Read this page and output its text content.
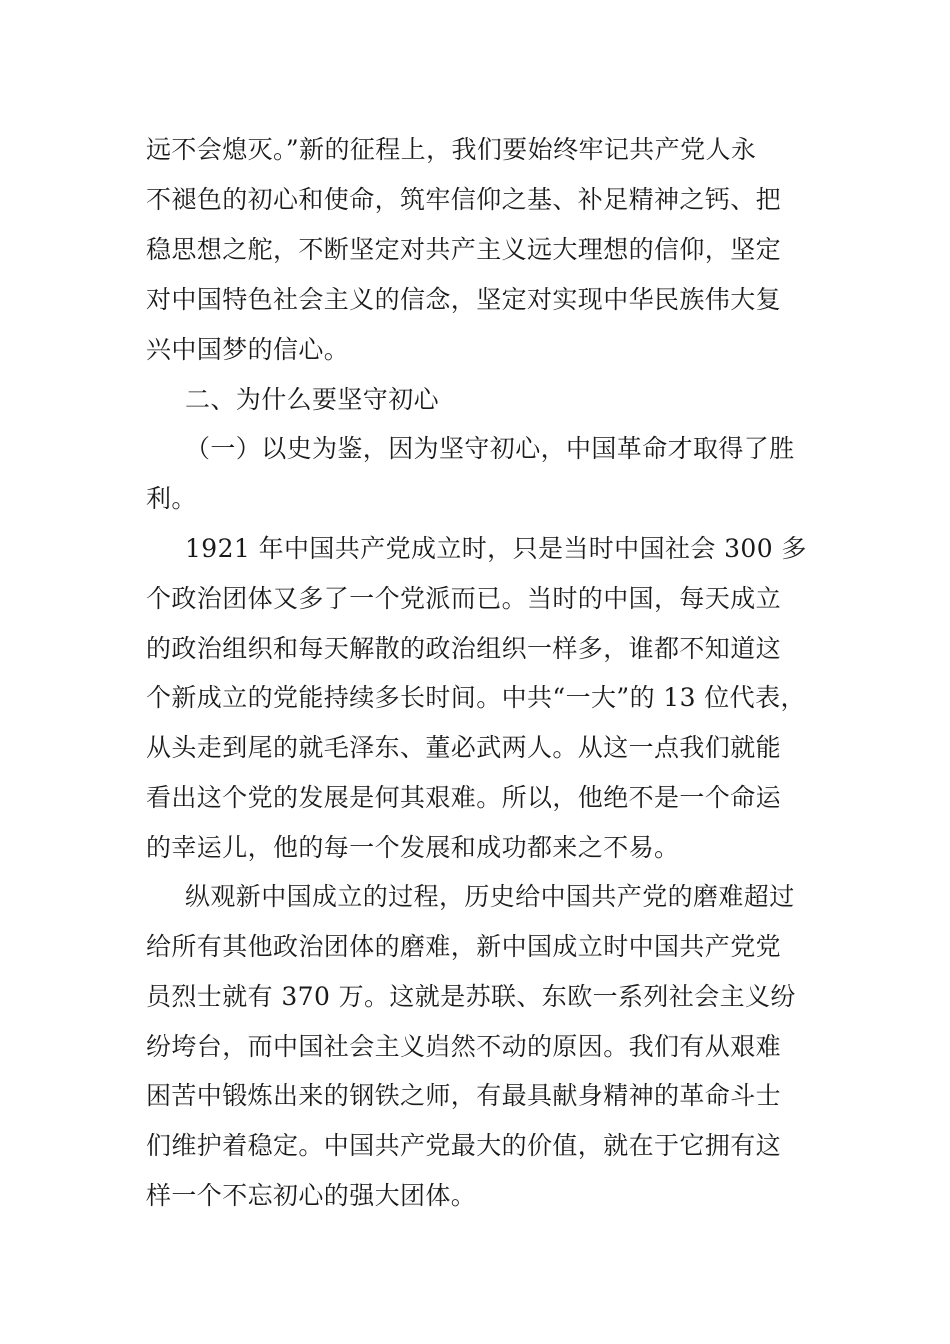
远不会熄灭。”新的征程上，我们要始终牢记共产党人永
不褪色的初心和使命，筑牢信仰之基、补足精神之钙、把
稳思想之舵，不断坚定对共产主义远大理想的信仰，坚定
对中国特色社会主义的信念，坚定对实现中华民族伟大复
兴中国梦的信心。
二、为什么要坚守初心
（一）以史为鉴，因为坚守初心，中国革命才取得了胜
利。
1921 年中国共产党成立时，只是当时中国社会 300 多
个政治团体又多了一个党派而已。当时的中国，每天成立
的政治组织和每天解散的政治组织一样多，谁都不知道这
个新成立的党能持续多长时间。中共“一大”的 13 位代表，
从头走到尾的就毛泽东、董必武两人。从这一点我们就能
看出这个党的发展是何其艰难。所以，他绝不是一个命运
的幸运儿，他的每一个发展和成功都来之不易。
纵观新中国成立的过程，历史给中国共产党的磨难超过
给所有其他政治团体的磨难，新中国成立时中国共产党党
员烈士就有 370 万。这就是苏联、东欧一系列社会主义纷
纷垮台，而中国社会主义岿然不动的原因。我们有从艰难
困苦中锻炼出来的钢铁之师，有最具献身精神的革命斗士
们维护着稳定。中国共产党最大的价值，就在于它拥有这
样一个不忘初心的强大团体。
